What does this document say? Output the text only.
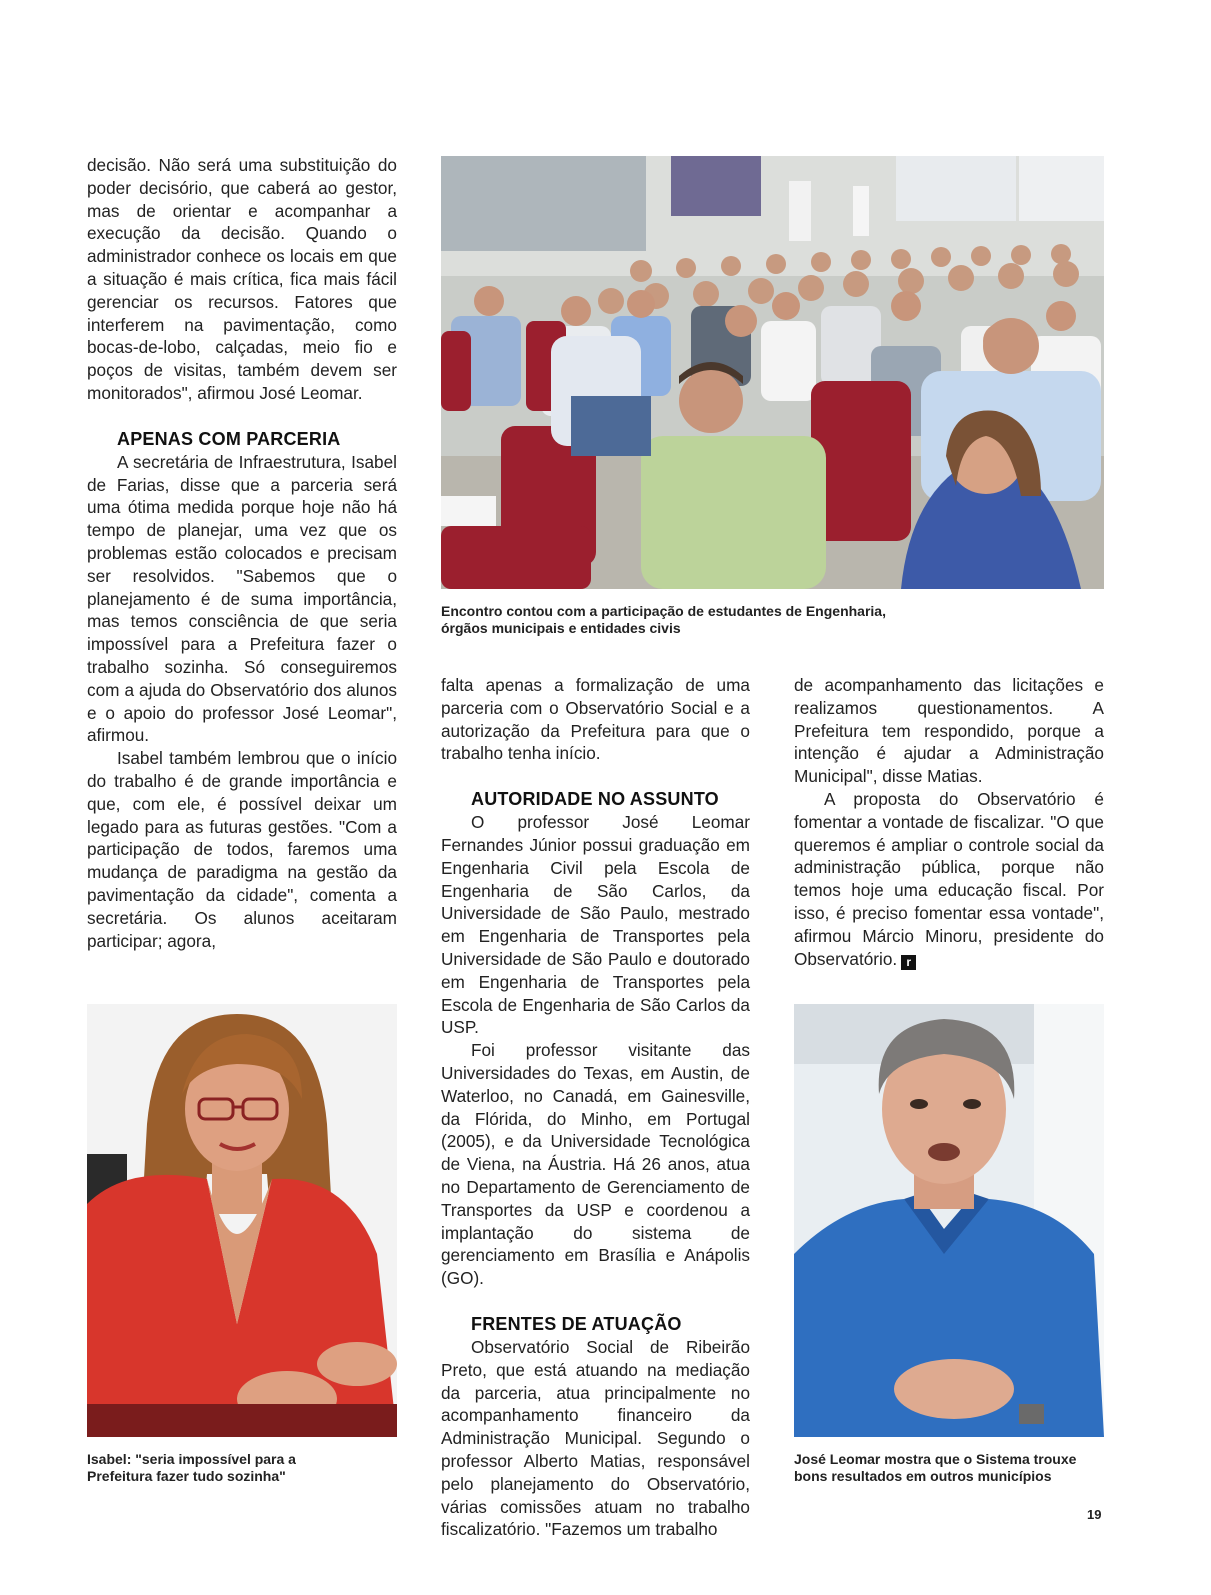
decisão. Não será uma substituição do poder decisório, que caberá ao gestor, mas de orientar e acompanhar a execução da decisão. Quando o administrador conhece os locais em que a situação é mais crítica, fica mais fácil gerenciar os recursos. Fatores que interferem na pavimentação, como bocas-de-lobo, calçadas, meio fio e poços de visitas, também devem ser monitorados", afirmou José Leomar.

APENAS COM PARCERIA

A secretária de Infraestrutura, Isabel de Farias, disse que a parceria será uma ótima medida porque hoje não há tempo de planejar, uma vez que os problemas estão colocados e precisam ser resolvidos. "Sabemos que o planejamento é de suma importância, mas temos consciência de que seria impossível para a Prefeitura fazer o trabalho sozinha. Só conseguiremos com a ajuda do Observatório dos alunos e o apoio do professor José Leomar", afirmou.

Isabel também lembrou que o início do trabalho é de grande importância e que, com ele, é possível deixar um legado para as futuras gestões. "Com a participação de todos, faremos uma mudança de paradigma na gestão da pavimentação da cidade", comenta a secretária. Os alunos aceitaram participar; agora,

Encontro contou com a participação de estudantes de Engenharia,
órgãos municipais e entidades civis

falta apenas a formalização de uma parceria com o Observatório Social e a autorização da Prefeitura para que o trabalho tenha início.

AUTORIDADE NO ASSUNTO

O professor José Leomar Fernandes Júnior possui graduação em Engenharia Civil pela Escola de Engenharia de São Carlos, da Universidade de São Paulo, mestrado em Engenharia de Transportes pela Universidade de São Paulo e doutorado em Engenharia de Transportes pela Escola de Engenharia de São Carlos da USP.

Foi professor visitante das Universidades do Texas, em Austin, de Waterloo, no Canadá, em Gainesville, da Flórida, do Minho, em Portugal (2005), e da Universidade Tecnológica de Viena, na Áustria. Há 26 anos, atua no Departamento de Gerenciamento de Transportes da USP e coordenou a implantação do sistema de gerenciamento em Brasília e Anápolis (GO).

FRENTES DE ATUAÇÃO

Observatório Social de Ribeirão Preto, que está atuando na mediação da parceria, atua principalmente no acompanhamento financeiro da Administração Municipal. Segundo o professor Alberto Matias, responsável pelo planejamento do Observatório, várias comissões atuam no trabalho fiscalizatório. "Fazemos um trabalho

de acompanhamento das licitações e realizamos questionamentos. A Prefeitura tem respondido, porque a intenção é ajudar a Administração Municipal", disse Matias.

A proposta do Observatório é fomentar a vontade de fiscalizar. "O que queremos é ampliar o controle social da administração pública, porque não temos hoje uma educação fiscal. Por isso, é preciso fomentar essa vontade", afirmou Márcio Minoru, presidente do Observatório. r

Isabel: "seria impossível para a
Prefeitura fazer tudo sozinha"
José Leomar mostra que o Sistema trouxe
bons resultados em outros municípios
19
